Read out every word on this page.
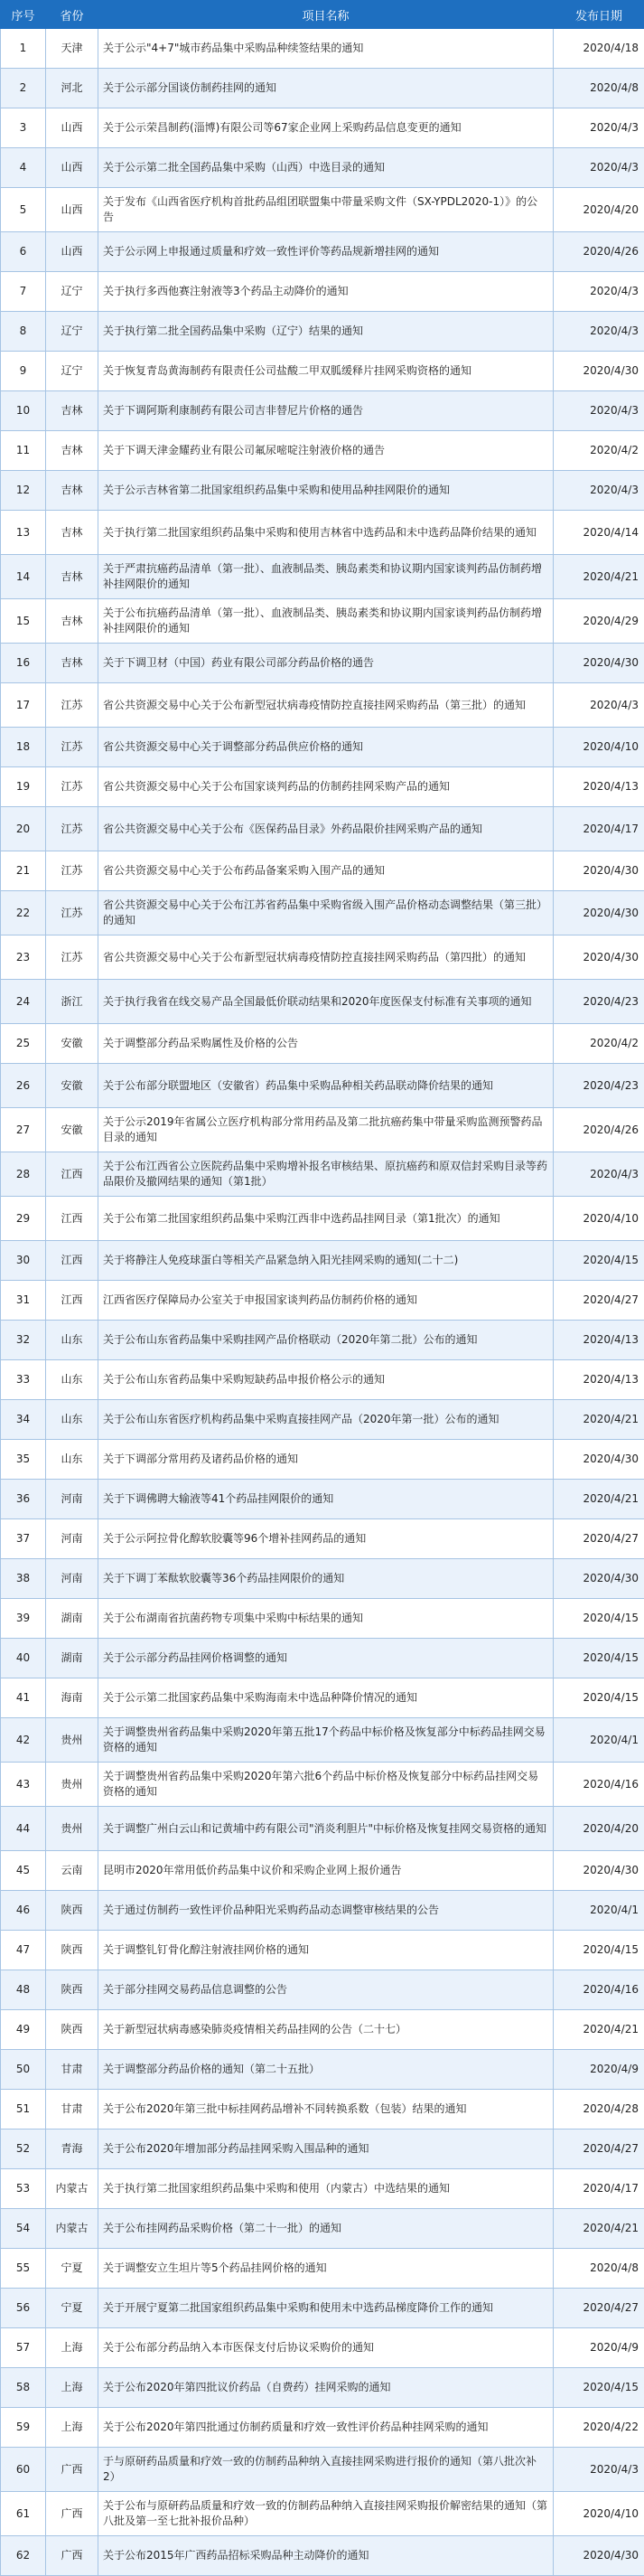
序号	省份	项目名称	发布日期
1	天津	关于公示"4+7"城市药品集中采购品种续签结果的通知	2020/4/18
2	河北	关于公示部分国谈仿制药挂网的通知	2020/4/8
3	山西	关于公示荣昌制药(淄博)有限公司等67家企业网上采购药品信息变更的通知	2020/4/3
4	山西	关于公示第二批全国药品集中采购（山西）中选目录的通知	2020/4/3
5	山西	关于发布《山西省医疗机构首批药品组团联盟集中带量采购文件（SX-YPDL2020-1）》的公告	2020/4/20
6	山西	关于公示网上申报通过质量和疗效一致性评价等药品规新增挂网的通知	2020/4/26
7	辽宁	关于执行多西他赛注射液等3个药品主动降价的通知	2020/4/3
8	辽宁	关于执行第二批全国药品集中采购（辽宁）结果的通知	2020/4/3
9	辽宁	关于恢复青岛黄海制药有限责任公司盐酸二甲双胍缓释片挂网采购资格的通知	2020/4/30
10	吉林	关于下调阿斯利康制药有限公司吉非替尼片价格的通告	2020/4/3
11	吉林	关于下调天津金耀药业有限公司氟尿嘧啶注射液价格的通告	2020/4/2
12	吉林	关于公示吉林省第二批国家组织药品集中采购和使用品种挂网限价的通知	2020/4/3
13	吉林	关于执行第二批国家组织药品集中采购和使用吉林省中选药品和未中选药品降价结果的通知	2020/4/14
14	吉林	关于严肃抗癌药品清单（第一批）、血液制品类、胰岛素类和协议期内国家谈判药品仿制药增补挂网限价的通知	2020/4/21
15	吉林	关于公布抗癌药品清单（第一批）、血液制品类、胰岛素类和协议期内国家谈判药品仿制药增补挂网限价的通知	2020/4/29
16	吉林	关于下调卫材（中国）药业有限公司部分药品价格的通告	2020/4/30
17	江苏	省公共资源交易中心关于公布新型冠状病毒疫情防控直接挂网采购药品（第三批）的通知	2020/4/3
18	江苏	省公共资源交易中心关于调整部分药品供应价格的通知	2020/4/10
19	江苏	省公共资源交易中心关于公布国家谈判药品的仿制药挂网采购产品的通知	2020/4/13
20	江苏	省公共资源交易中心关于公布《医保药品目录》外药品限价挂网采购产品的通知	2020/4/17
21	江苏	省公共资源交易中心关于公布药品备案采购入围产品的通知	2020/4/30
22	江苏	省公共资源交易中心关于公布江苏省药品集中采购省级入围产品价格动态调整结果（第三批）的通知	2020/4/30
23	江苏	省公共资源交易中心关于公布新型冠状病毒疫情防控直接挂网采购药品（第四批）的通知	2020/4/30
24	浙江	关于执行我省在线交易产品全国最低价联动结果和2020年度医保支付标准有关事项的通知	2020/4/23
25	安徽	关于调整部分药品采购属性及价格的公告	2020/4/2
26	安徽	关于公布部分联盟地区（安徽省）药品集中采购品种相关药品联动降价结果的通知	2020/4/23
27	安徽	关于公示2019年省属公立医疗机构部分常用药品及第二批抗癌药集中带量采购监测预警药品目录的通知	2020/4/26
28	江西	关于公布江西省公立医院药品集中采购增补报名审核结果、原抗癌药和原双信封采购目录等药品限价及撤网结果的通知（第1批）	2020/4/3
29	江西	关于公布第二批国家组织药品集中采购江西非中选药品挂网目录（第1批次）的通知	2020/4/10
30	江西	关于将静注人免疫球蛋白等相关产品紧急纳入阳光挂网采购的通知(二十二)	2020/4/15
31	江西	江西省医疗保障局办公室关于申报国家谈判药品仿制药价格的通知	2020/4/27
32	山东	关于公布山东省药品集中采购挂网产品价格联动（2020年第二批）公布的通知	2020/4/13
33	山东	关于公布山东省药品集中采购短缺药品申报价格公示的通知	2020/4/13
34	山东	关于公布山东省医疗机构药品集中采购直接挂网产品（2020年第一批）公布的通知	2020/4/21
35	山东	关于下调部分常用药及诸药品价格的通知	2020/4/30
36	河南	关于下调佛聘大输液等41个药品挂网限价的通知	2020/4/21
37	河南	关于公示阿拉骨化醇软胶囊等96个增补挂网药品的通知	2020/4/27
38	河南	关于下调丁苯酞软胶囊等36个药品挂网限价的通知	2020/4/30
39	湖南	关于公布湖南省抗菌药物专项集中采购中标结果的通知	2020/4/15
40	湖南	关于公示部分药品挂网价格调整的通知	2020/4/15
41	海南	关于公示第二批国家药品集中采购海南未中选品种降价情况的通知	2020/4/15
42	贵州	关于调整贵州省药品集中采购2020年第五批17个药品中标价格及恢复部分中标药品挂网交易资格的通知	2020/4/1
43	贵州	关于调整贵州省药品集中采购2020年第六批6个药品中标价格及恢复部分中标药品挂网交易资格的通知	2020/4/16
44	贵州	关于调整广州白云山和记黄埔中药有限公司"消炎利胆片"中标价格及恢复挂网交易资格的通知	2020/4/20
45	云南	昆明市2020年常用低价药品集中议价和采购企业网上报价通告	2020/4/30
46	陕西	关于通过仿制药一致性评价品种阳光采购药品动态调整审核结果的公告	2020/4/1
47	陕西	关于调整钆钉骨化醇注射液挂网价格的通知	2020/4/15
48	陕西	关于部分挂网交易药品信息调整的公告	2020/4/16
49	陕西	关于新型冠状病毒感染肺炎疫情相关药品挂网的公告（二十七）	2020/4/21
50	甘肃	关于调整部分药品价格的通知（第二十五批）	2020/4/9
51	甘肃	关于公布2020年第三批中标挂网药品增补不同转换系数（包装）结果的通知	2020/4/28
52	青海	关于公布2020年增加部分药品挂网采购入围品种的通知	2020/4/27
53	内蒙古	关于执行第二批国家组织药品集中采购和使用（内蒙古）中选结果的通知	2020/4/17
54	内蒙古	关于公布挂网药品采购价格（第二十一批）的通知	2020/4/21
55	宁夏	关于调整安立生坦片等5个药品挂网价格的通知	2020/4/8
56	宁夏	关于开展宁夏第二批国家组织药品集中采购和使用未中选药品梯度降价工作的通知	2020/4/27
57	上海	关于公布部分药品纳入本市医保支付后协议采购价的通知	2020/4/9
58	上海	关于公布2020年第四批议价药品（自费药）挂网采购的通知	2020/4/15
59	上海	关于公布2020年第四批通过仿制药质量和疗效一致性评价药品种挂网采购的通知	2020/4/22
60	广西	于与原研药品质量和疗效一致的仿制药品种纳入直接挂网采购进行报价的通知（第八批次补2）	2020/4/3
61	广西	关于公布与原研药品质量和疗效一致的仿制药品种纳入直接挂网采购报价解密结果的通知（第八批及第一至七批补报价品种）	2020/4/10
62	广西	关于公布2015年广西药品招标采购品种主动降价的通知	2020/4/30
